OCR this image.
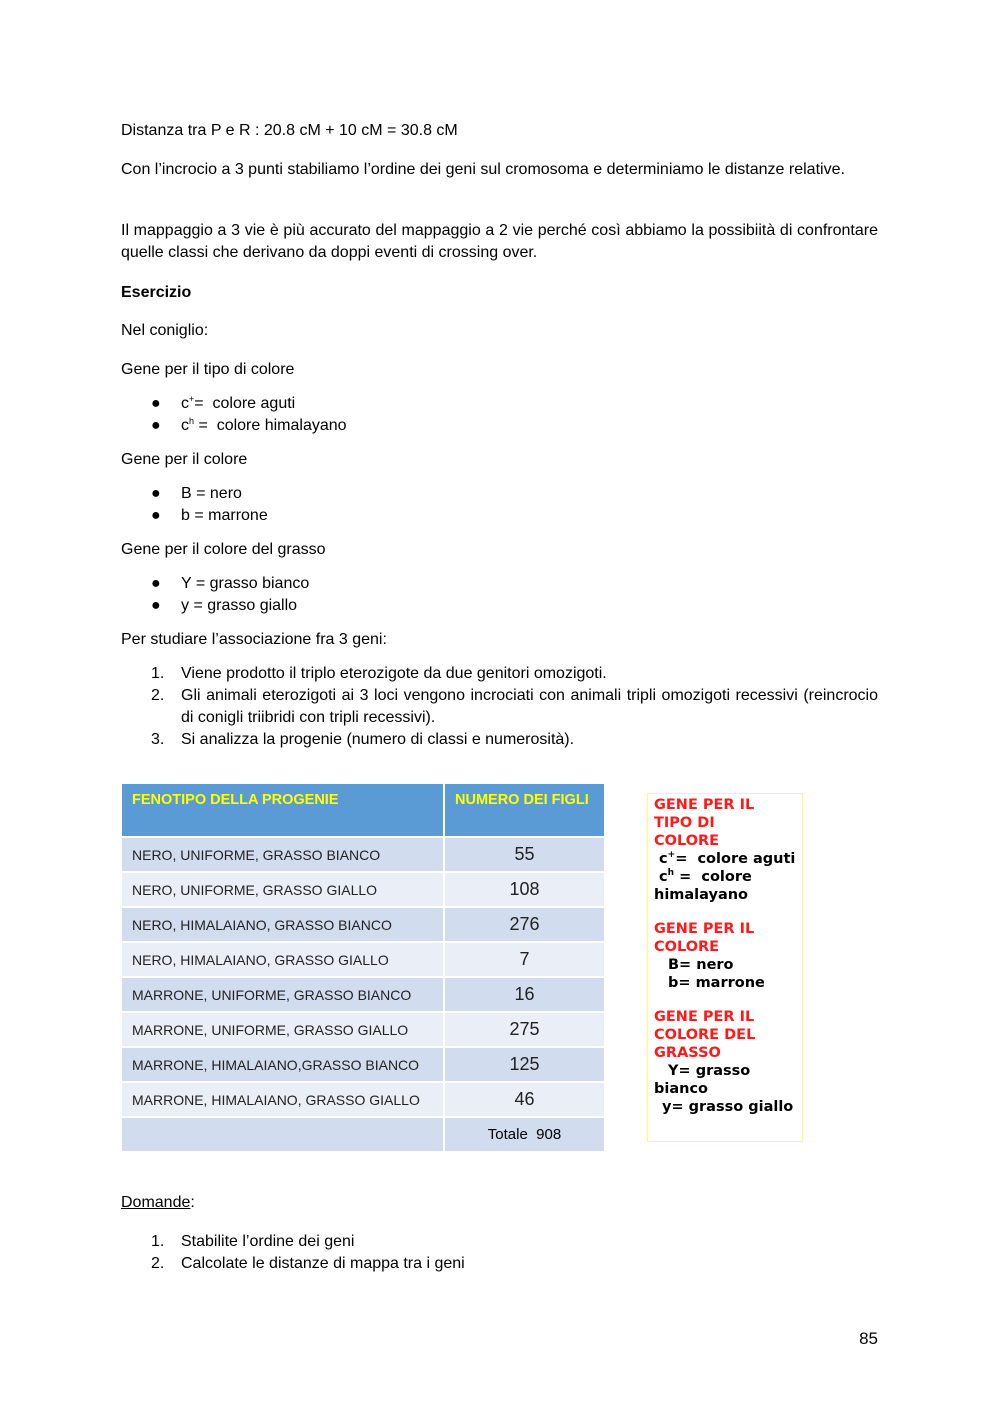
Distanza tra P e R : 20.8 cM + 10 cM = 30.8 cM

Con l’incrocio a 3 punti stabiliamo l’ordine dei geni sul cromosoma e determiniamo le distanze relative.

Il mappaggio a 3 vie è più accurato del mappaggio a 2 vie perché così abbiamo la possibiità di confrontare quelle classi che derivano da doppi eventi di crossing over.

Esercizio

Nel coniglio:

Gene per il tipo di colore

● c+=  colore aguti
● $c^h$ =  colore himalayano

Gene per il colore

● B = nero
● b = marrone

Gene per il colore del grasso

● Y = grasso bianco
● y = grasso giallo

Per studiare l’associazione fra 3 geni:

1. Viene prodotto il triplo eterozigote da due genitori omozigoti.
2. Gli animali eterozigoti ai 3 loci vengono incrociati con animali tripli omozigoti recessivi (reincrocio di conigli triibridi con tripli recessivi).
3. Si analizza la progenie (numero di classi e numerosità).
FENOTIPO DELLA PROGENIE	NUMERO DEI FIGLI
NERO, UNIFORME, GRASSO BIANCO	55
NERO, UNIFORME, GRASSO GIALLO	108
NERO, HIMALAIANO, GRASSO BIANCO	276
NERO, HIMALAIANO, GRASSO GIALLO	7
MARRONE, UNIFORME, GRASSO BIANCO	16
MARRONE, UNIFORME, GRASSO GIALLO	275
MARRONE, HIMALAIANO,GRASSO BIANCO	125
MARRONE, HIMALAIANO, GRASSO GIALLO	46
	Totale  908
GENE PER IL
TIPO DI
COLORE
c+=  colore aguti
$c^h$ =  colore
himalayano
GENE PER IL
COLORE
B= nero
b= marrone
GENE PER IL
COLORE DEL
GRASSO
Y= grasso
bianco
y= grasso giallo

Domande:

1. Stabilite l’ordine dei geni
2. Calcolate le distanze di mappa tra i geni
85
